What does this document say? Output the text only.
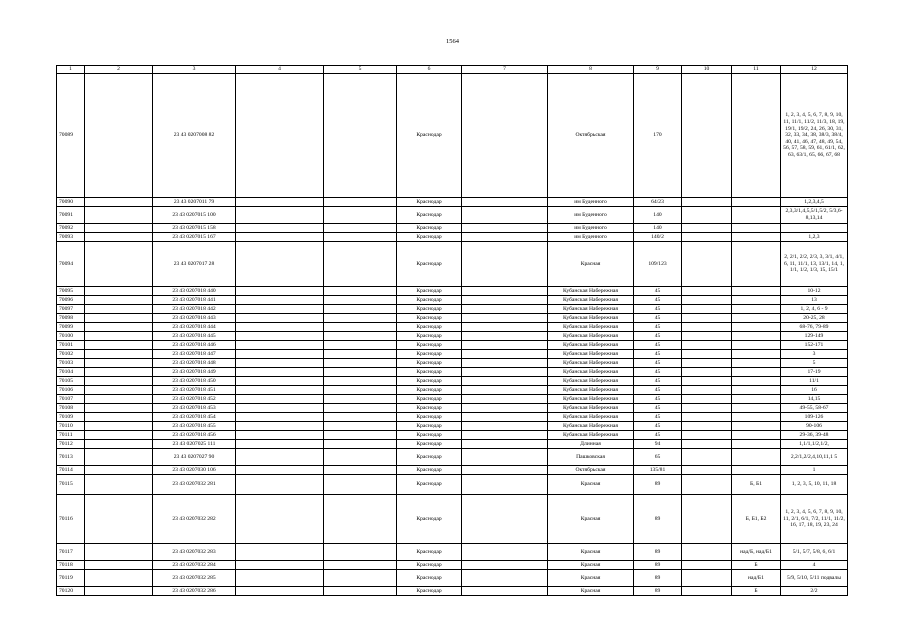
1564
1	2	3	4	5	6	7	8	9	10	11	12
70089		23 43 0207008 82			Краснодар		Октябрьская	170			1, 2, 3, 4, 5, 6, 7, 8, 9, 10, 11, 11/1, 11/2, 11/3, 18, 19, 19/1, 19/2, 24, 26, 30, 31, 32, 33, 34, 38, 38/3, 38/4, 40, 41, 46, 47, 48, 49, 54, 56, 57, 58, 59, 61, 61/1, 62, 63, 63/1, 65, 66, 67, 68
70090		23 43 0207011 79			Краснодар		им Буденного	64/23			1,2,3,4,5
70091		23 43 0207015 100			Краснодар		им Буденного	140			2,3,3/1,4,5,5/1,5/2, 5/3,6-8,13,14
70092		23 43 0207015 158			Краснодар		им Буденного	140			
70093		23 43 0207015 167			Краснодар		им Буденного	140/2			1,2,3
70094		23 43 0207017 28			Краснодар		Красная	109/123			2, 2/1, 2/2, 2/3, 3, 3/1, 4/1, 6, 11, 11/1, 13, 13/1, 14, 1, 1/1, 1/2, 1/3, 15, 15/1
70095		23 43 0207018 440			Краснодар		Кубанская Набережная	45			10-12
70096		23 43 0207018 441			Краснодар		Кубанская Набережная	45			13
70097		23 43 0207018 442			Краснодар		Кубанская Набережная	45			1, 2, 4, 6 - 9
70098		23 43 0207018 443			Краснодар		Кубанская Набережная	45			20-25, 28
70099		23 43 0207018 444			Краснодар		Кубанская Набережная	45			68-76, 79-89
70100		23 43 0207018 445			Краснодар		Кубанская Набережная	45			129-149
70101		23 43 0207018 446			Краснодар		Кубанская Набережная	45			152-171
70102		23 43 0207018 447			Краснодар		Кубанская Набережная	45			3
70103		23 43 0207018 448			Краснодар		Кубанская Набережная	45			5
70104		23 43 0207018 449			Краснодар		Кубанская Набережная	45			17-19
70105		23 43 0207018 450			Краснодар		Кубанская Набережная	45			11/1
70106		23 43 0207018 451			Краснодар		Кубанская Набережная	45			16
70107		23 43 0207018 452			Краснодар		Кубанская Набережная	45			14,15
70108		23 43 0207018 453			Краснодар		Кубанская Набережная	45			49-55, 58-67
70109		23 43 0207018 454			Краснодар		Кубанская Набережная	45			109-126
70110		23 43 0207018 455			Краснодар		Кубанская Набережная	45			90-106
70111		23 43 0207018 456			Краснодар		Кубанская Набережная	45			29-36, 39-48
70112		23 43 0207025 111			Краснодар		Длинная	94			1,1/1,1/2,1/2,
70113		23 43 0207027 90			Краснодар		Пашковская	65			2,2/1,2/2,4,10,11,1 5
70114		23 43 0207030 106			Краснодар		Октябрьская	135/81			1
70115		23 43 0207032 281			Краснодар		Красная	89		Б, Б1	1, 2, 3, 5, 10, 11, 18
70116		23 43 0207032 282			Краснодар		Красная	89		Б, Б1, Б2	1, 2, 3, 4, 5, 6, 7, 8, 9, 10, 11, 2/1, 6/1, 7/2, 11/1, 11/2, 16, 17, 18, 19, 23, 24
70117		23 43 0207032 283			Краснодар		Красная	89		над/Б, над/Б1	5/1, 5/7, 5/8, 6, 6/1
70118		23 43 0207032 284			Краснодар		Красная	89		Б	4
70119		23 43 0207032 285			Краснодар		Красная	89		над/Б1	5/9, 5/10, 5/11 подвалы
70120		23 43 0207032 286			Краснодар		Красная	89		Б	2/2
